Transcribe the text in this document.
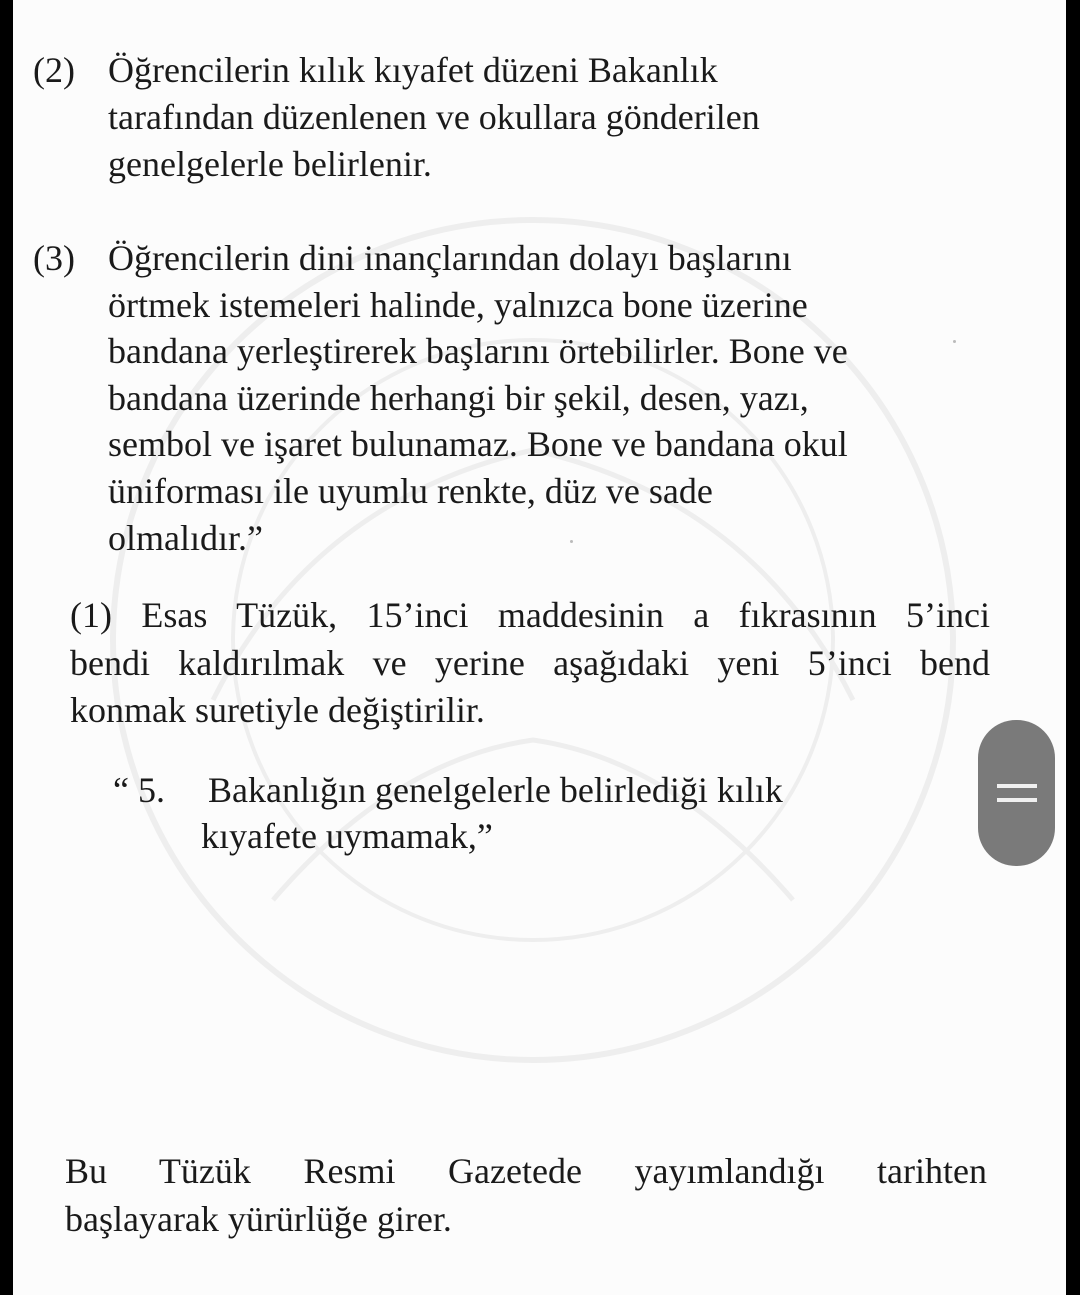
(2) Öğrencilerin kılık kıyafet düzeni Bakanlık
tarafından düzenlenen ve okullara gönderilen
genelgelerle belirlenir.
(3) Öğrencilerin dini inançlarından dolayı başlarını
örtmek istemeleri halinde, yalnızca bone üzerine
bandana yerleştirerek başlarını örtebilirler. Bone ve
bandana üzerinde herhangi bir şekil, desen, yazı,
sembol ve işaret bulunamaz. Bone ve bandana okul
üniforması ile uyumlu renkte, düz ve sade
olmalıdır.”
(1) Esas Tüzük, 15’inci maddesinin a fıkrasının 5’inci
bendi kaldırılmak ve yerine aşağıdaki yeni 5’inci bend
konmak suretiyle değiştirilir.
“ 5. Bakanlığın genelgelerle belirlediği kılık
kıyafete uymamak,”
Bu Tüzük Resmi Gazetede yayımlandığı tarihten
başlayarak yürürlüğe girer.
